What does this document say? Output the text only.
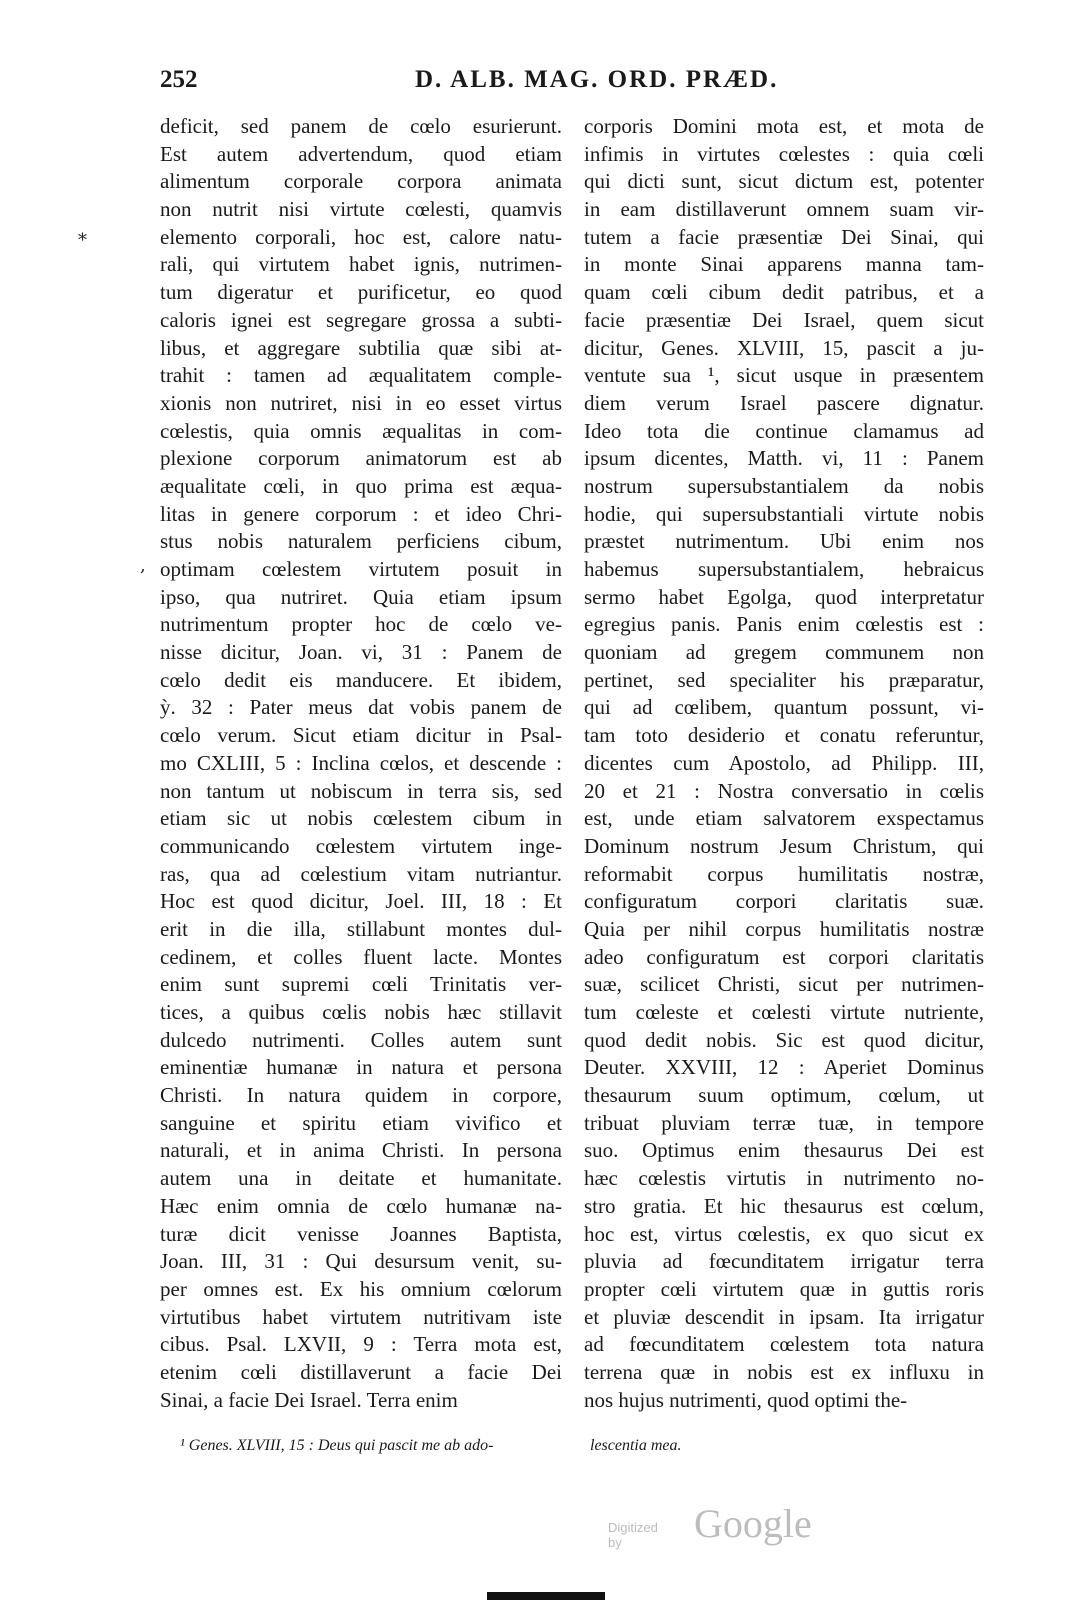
252	D. ALB. MAG. ORD. PRÆD.
deficit, sed panem de cœlo esurierunt.
Est autem advertendum, quod etiam
alimentum corporale corpora animata
non nutrit nisi virtute cœlesti, quamvis
elemento corporali, hoc est, calore natu-
rali, qui virtutem habet ignis, nutrimen-
tum digeratur et purificetur, eo quod
caloris ignei est segregare grossa a subti-
libus, et aggregare subtilia quæ sibi at-
trahit : tamen ad æqualitatem comple-
xionis non nutriret, nisi in eo esset virtus
cœlestis, quia omnis æqualitas in com-
plexione corporum animatorum est ab
æqualitate cœli, in quo prima est æqua-
litas in genere corporum : et ideo Chri-
stus nobis naturalem perficiens cibum,
optimam cœlestem virtutem posuit in
ipso, qua nutriret. Quia etiam ipsum
nutrimentum propter hoc de cœlo ve-
nisse dicitur, Joan. vi, 31 : Panem de
cœlo dedit eis manducere. Et ibidem,
ỳ. 32 : Pater meus dat vobis panem de
cœlo verum. Sicut etiam dicitur in Psal-
mo CXLIII, 5 : Inclina cœlos, et descende :
non tantum ut nobiscum in terra sis, sed
etiam sic ut nobis cœlestem cibum in
communicando cœlestem virtutem inge-
ras, qua ad cœlestium vitam nutriantur.
Hoc est quod dicitur, Joel. III, 18 : Et
erit in die illa, stillabunt montes dul-
cedinem, et colles fluent lacte. Montes
enim sunt supremi cœli Trinitatis ver-
tices, a quibus cœlis nobis hæc stillavit
dulcedo nutrimenti. Colles autem sunt
eminentiæ humanæ in natura et persona
Christi. In natura quidem in corpore,
sanguine et spiritu etiam vivifico et
naturali, et in anima Christi. In persona
autem una in deitate et humanitate.
Hæc enim omnia de cœlo humanæ na-
turæ dicit venisse Joannes Baptista,
Joan. III, 31 : Qui desursum venit, su-
per omnes est. Ex his omnium cœlorum
virtutibus habet virtutem nutritivam iste
cibus. Psal. LXVII, 9 : Terra mota est,
etenim cœli distillaverunt a facie Dei
Sinai, a facie Dei Israel. Terra enim
corporis Domini mota est, et mota de
infimis in virtutes cœlestes : quia cœli
qui dicti sunt, sicut dictum est, potenter
in eam distillaverunt omnem suam vir-
tutem a facie præsentiæ Dei Sinai, qui
in monte Sinai apparens manna tam-
quam cœli cibum dedit patribus, et a
facie præsentiæ Dei Israel, quem sicut
dicitur, Genes. XLVIII, 15, pascit a ju-
ventute sua ¹, sicut usque in præsentem
diem verum Israel pascere dignatur.
Ideo tota die continue clamamus ad
ipsum dicentes, Matth. vi, 11 : Panem
nostrum supersubstantialem da nobis
hodie, qui supersubstantiali virtute nobis
præstet nutrimentum. Ubi enim nos
habemus supersubstantialem, hebraicus
sermo habet Egolga, quod interpretatur
egregius panis. Panis enim cœlestis est :
quoniam ad gregem communem non
pertinet, sed specialiter his præparatur,
qui ad cœlibem, quantum possunt, vi-
tam toto desiderio et conatu referuntur,
dicentes cum Apostolo, ad Philipp. III,
20 et 21 : Nostra conversatio in cœlis
est, unde etiam salvatorem exspectamus
Dominum nostrum Jesum Christum, qui
reformabit corpus humilitatis nostræ,
configuratum corpori claritatis suæ.
Quia per nihil corpus humilitatis nostræ
adeo configuratum est corpori claritatis
suæ, scilicet Christi, sicut per nutrimen-
tum cœleste et cœlesti virtute nutriente,
quod dedit nobis. Sic est quod dicitur,
Deuter. XXVIII, 12 : Aperiet Dominus
thesaurum suum optimum, cœlum, ut
tribuat pluviam terræ tuæ, in tempore
suo. Optimus enim thesaurus Dei est
hæc cœlestis virtutis in nutrimento no-
stro gratia. Et hic thesaurus est cœlum,
hoc est, virtus cœlestis, ex quo sicut ex
pluvia ad fœcunditatem irrigatur terra
propter cœli virtutem quæ in guttis roris
et pluviæ descendit in ipsam. Ita irrigatur
ad fœcunditatem cœlestem tota natura
terrena quæ in nobis est ex influxu in
nos hujus nutrimenti, quod optimi the-
*
,
¹ Genes. XLVIII, 15 : Deus qui pascit me ab ado-	lescentia mea.
Digitized by	Google
